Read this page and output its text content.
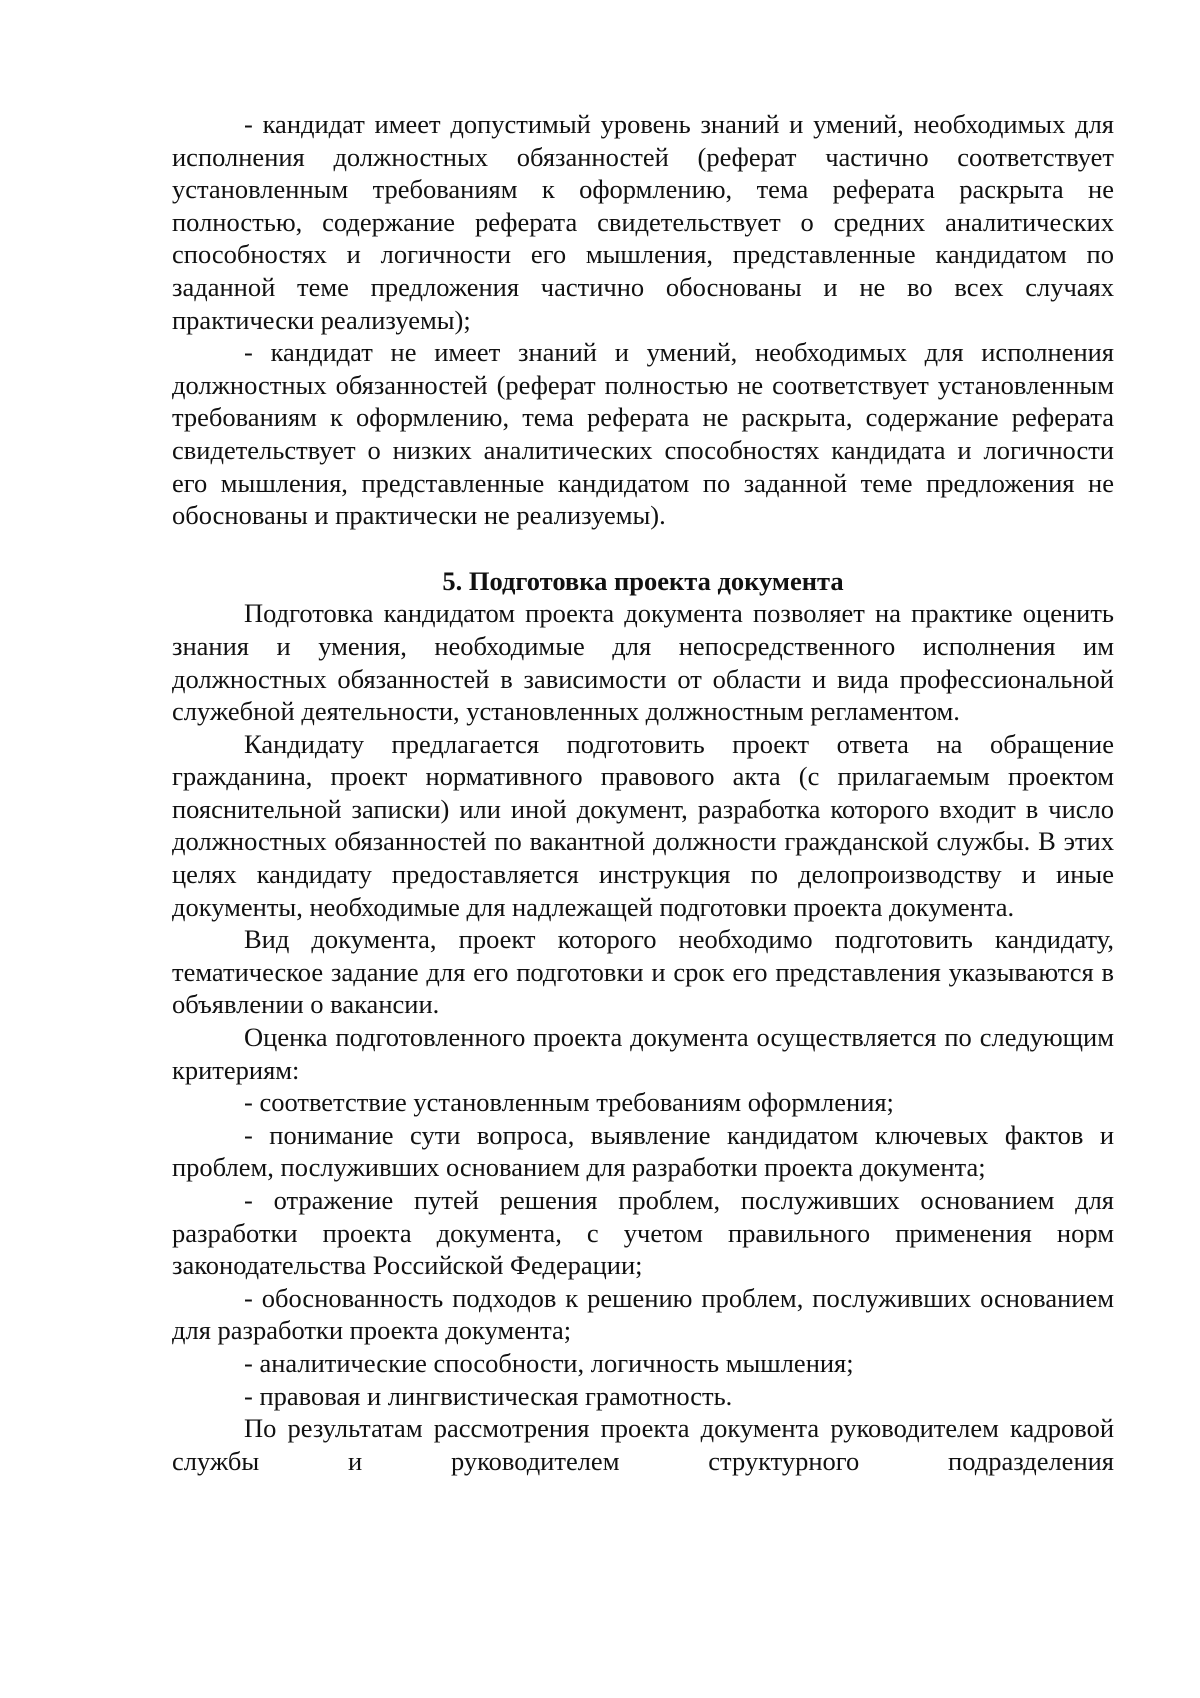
- кандидат имеет допустимый уровень знаний и умений, необходимых для исполнения должностных обязанностей (реферат частично соответствует установленным требованиям к оформлению, тема реферата раскрыта не полностью, содержание реферата свидетельствует о средних аналитических способностях и логичности его мышления, представленные кандидатом по заданной теме предложения частично обоснованы и не во всех случаях практически реализуемы);

- кандидат не имеет знаний и умений, необходимых для исполнения должностных обязанностей (реферат полностью не соответствует установленным требованиям к оформлению, тема реферата не раскрыта, содержание реферата свидетельствует о низких аналитических способностях кандидата и логичности его мышления, представленные кандидатом по заданной теме предложения не обоснованы и практически не реализуемы).

5. Подготовка проекта документа

Подготовка кандидатом проекта документа позволяет на практике оценить знания и умения, необходимые для непосредственного исполнения им должностных обязанностей в зависимости от области и вида профессиональной служебной деятельности, установленных должностным регламентом.

Кандидату предлагается подготовить проект ответа на обращение гражданина, проект нормативного правового акта (с прилагаемым проектом пояснительной записки) или иной документ, разработка которого входит в число должностных обязанностей по вакантной должности гражданской службы. В этих целях кандидату предоставляется инструкция по делопроизводству и иные документы, необходимые для надлежащей подготовки проекта документа.

Вид документа, проект которого необходимо подготовить кандидату, тематическое задание для его подготовки и срок его представления указываются в объявлении о вакансии.

Оценка подготовленного проекта документа осуществляется по следующим критериям:

- соответствие установленным требованиям оформления;

- понимание сути вопроса, выявление кандидатом ключевых фактов и проблем, послуживших основанием для разработки проекта документа;

- отражение путей решения проблем, послуживших основанием для разработки проекта документа, с учетом правильного применения норм законодательства Российской Федерации;

- обоснованность подходов к решению проблем, послуживших основанием для разработки проекта документа;

- аналитические способности, логичность мышления;

- правовая и лингвистическая грамотность.

По результатам рассмотрения проекта документа руководителем кадровой службы и руководителем структурного подразделения
